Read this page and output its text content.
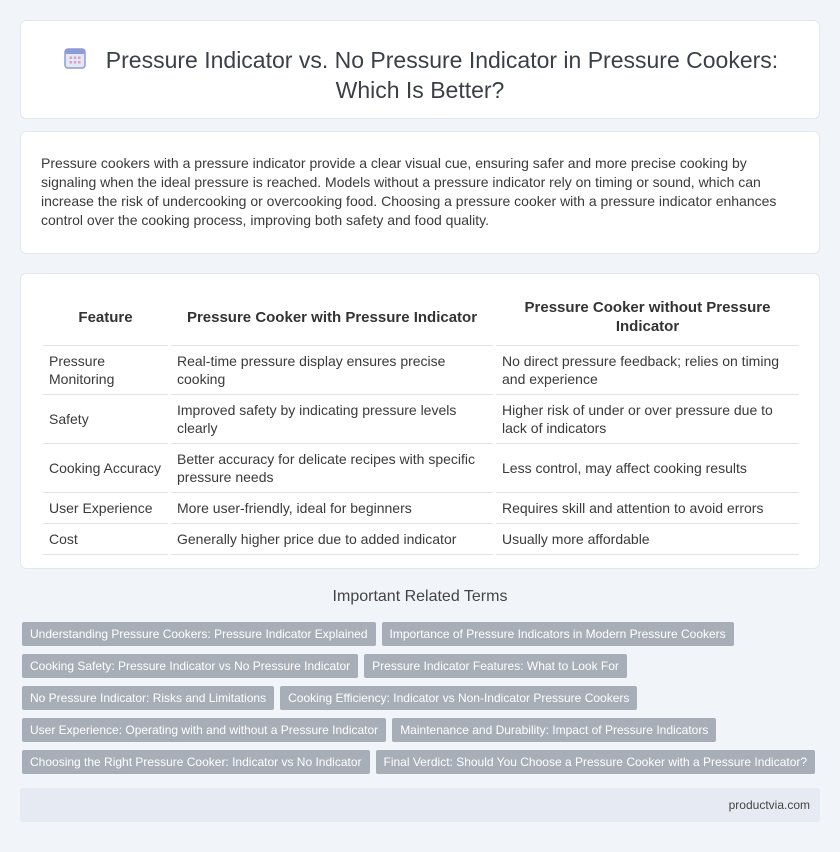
Pressure Indicator vs. No Pressure Indicator in Pressure Cookers: Which Is Better?
Pressure cookers with a pressure indicator provide a clear visual cue, ensuring safer and more precise cooking by signaling when the ideal pressure is reached. Models without a pressure indicator rely on timing or sound, which can increase the risk of undercooking or overcooking food. Choosing a pressure cooker with a pressure indicator enhances control over the cooking process, improving both safety and food quality.
Feature	Pressure Cooker with Pressure Indicator	Pressure Cooker without Pressure Indicator
Pressure Monitoring	Real-time pressure display ensures precise cooking	No direct pressure feedback; relies on timing and experience
Safety	Improved safety by indicating pressure levels clearly	Higher risk of under or over pressure due to lack of indicators
Cooking Accuracy	Better accuracy for delicate recipes with specific pressure needs	Less control, may affect cooking results
User Experience	More user-friendly, ideal for beginners	Requires skill and attention to avoid errors
Cost	Generally higher price due to added indicator	Usually more affordable
Important Related Terms
Understanding Pressure Cookers: Pressure Indicator Explained Importance of Pressure Indicators in Modern Pressure Cookers
Cooking Safety: Pressure Indicator vs No Pressure Indicator Pressure Indicator Features: What to Look For
No Pressure Indicator: Risks and Limitations Cooking Efficiency: Indicator vs Non-Indicator Pressure Cookers
User Experience: Operating with and without a Pressure Indicator Maintenance and Durability: Impact of Pressure Indicators
Choosing the Right Pressure Cooker: Indicator vs No Indicator Final Verdict: Should You Choose a Pressure Cooker with a Pressure Indicator?
productvia.com
